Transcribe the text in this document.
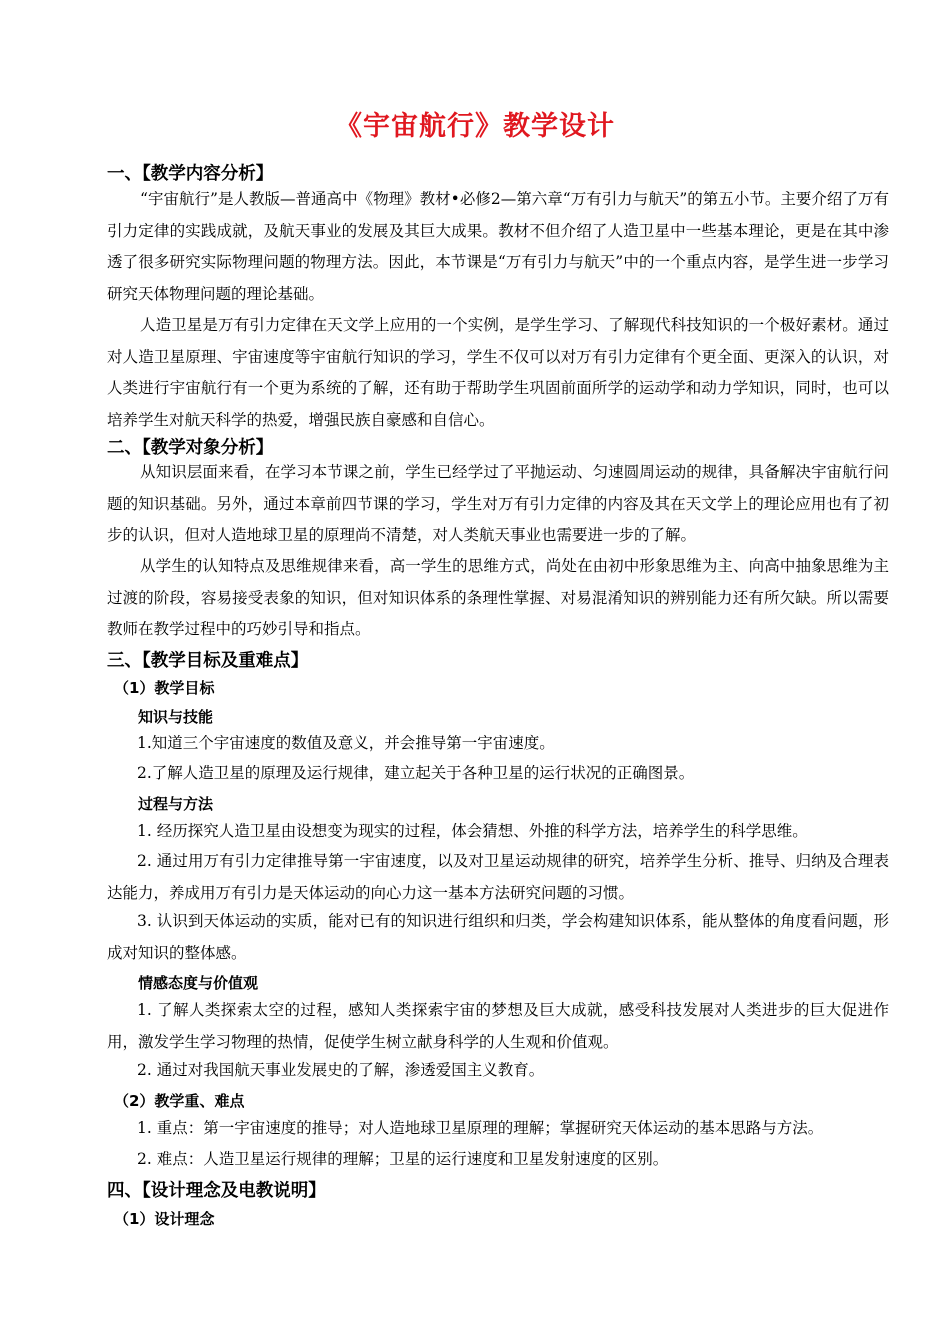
《宇宙航行》教学设计
一、【教学内容分析】

“宇宙航行”是人教版—普通高中《物理》教材•必修2—第六章“万有引力与航天”的第五小节。主要介绍了万有引力定律的实践成就，及航天事业的发展及其巨大成果。教材不但介绍了人造卫星中一些基本理论，更是在其中渗透了很多研究实际物理问题的物理方法。因此，本节课是“万有引力与航天”中的一个重点内容，是学生进一步学习研究天体物理问题的理论基础。

人造卫星是万有引力定律在天文学上应用的一个实例，是学生学习、了解现代科技知识的一个极好素材。通过对人造卫星原理、宇宙速度等宇宙航行知识的学习，学生不仅可以对万有引力定律有个更全面、更深入的认识，对人类进行宇宙航行有一个更为系统的了解，还有助于帮助学生巩固前面所学的运动学和动力学知识，同时，也可以培养学生对航天科学的热爱，增强民族自豪感和自信心。

二、【教学对象分析】

从知识层面来看，在学习本节课之前，学生已经学过了平抛运动、匀速圆周运动的规律，具备解决宇宙航行问题的知识基础。另外，通过本章前四节课的学习，学生对万有引力定律的内容及其在天文学上的理论应用也有了初步的认识，但对人造地球卫星的原理尚不清楚，对人类航天事业也需要进一步的了解。

从学生的认知特点及思维规律来看，高一学生的思维方式，尚处在由初中形象思维为主、向高中抽象思维为主过渡的阶段，容易接受表象的知识，但对知识体系的条理性掌握、对易混淆知识的辨别能力还有所欠缺。所以需要教师在教学过程中的巧妙引导和指点。

三、【教学目标及重难点】
（1）教学目标
知识与技能

1.知道三个宇宙速度的数值及意义，并会推导第一宇宙速度。

2.了解人造卫星的原理及运行规律，建立起关于各种卫星的运行状况的正确图景。

过程与方法

1. 经历探究人造卫星由设想变为现实的过程，体会猜想、外推的科学方法，培养学生的科学思维。

2. 通过用万有引力定律推导第一宇宙速度，以及对卫星运动规律的研究，培养学生分析、推导、归纳及合理表达能力，养成用万有引力是天体运动的向心力这一基本方法研究问题的习惯。

3. 认识到天体运动的实质，能对已有的知识进行组织和归类，学会构建知识体系，能从整体的角度看问题，形成对知识的整体感。

情感态度与价值观

1. 了解人类探索太空的过程，感知人类探索宇宙的梦想及巨大成就，感受科技发展对人类进步的巨大促进作用，激发学生学习物理的热情，促使学生树立献身科学的人生观和价值观。

2. 通过对我国航天事业发展史的了解，渗透爱国主义教育。

（2）教学重、难点

1. 重点：第一宇宙速度的推导；对人造地球卫星原理的理解；掌握研究天体运动的基本思路与方法。

2. 难点：人造卫星运行规律的理解；卫星的运行速度和卫星发射速度的区别。

四、【设计理念及电教说明】
（1）设计理念
